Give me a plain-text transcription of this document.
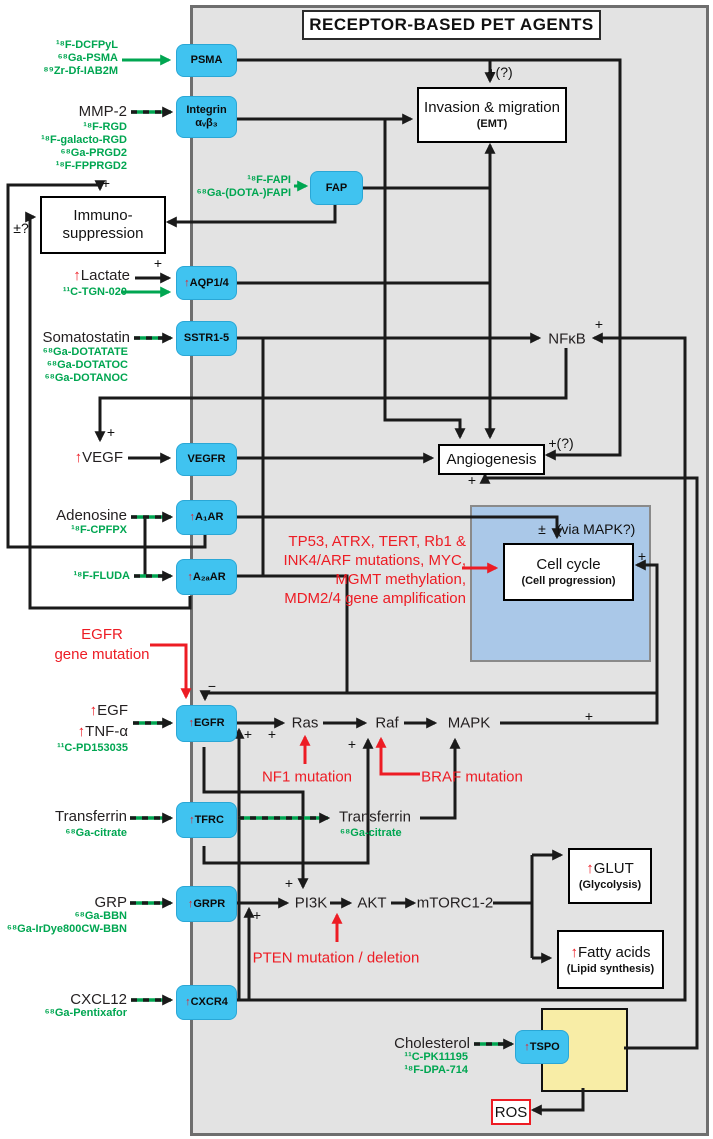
RECEPTOR-BASED PET AGENTS
PSMA
Integrin
αᵥβ₃
FAP
↑AQP1/4
SSTR1-5
VEGFR
↑A₁AR
↑A₂ₐAR
↑EGFR
↑TFRC
↑GRPR
↑CXCR4
↑TSPO
Invasion & migration
(EMT)
Immuno-
suppression
Angiogenesis
Cell cycle
(Cell progression)
↑GLUT
(Glycolysis)
↑Fatty acids
(Lipid synthesis)
ROS
MMP-2
↑Lactate
Somatostatin
↑VEGF
Adenosine
↑EGF
↑TNF-α
Transferrin
GRP
CXCL12
Cholesterol
¹⁸F-DCFPyL
⁶⁸Ga-PSMA
⁸⁹Zr-Df-IAB2M
¹⁸F-RGD
¹⁸F-galacto-RGD
⁶⁸Ga-PRGD2
¹⁸F-FPPRGD2
¹⁸F-FAPI
⁶⁸Ga-(DOTA-)FAPI
¹¹C-TGN-020
⁶⁸Ga-DOTATATE
⁶⁸Ga-DOTATOC
⁶⁸Ga-DOTANOC
¹⁸F-CPFPX
¹⁸F-FLUDA
¹¹C-PD153035
⁶⁸Ga-citrate
⁶⁸Ga-BBN
⁶⁸Ga-IrDye800CW-BBN
⁶⁸Ga-Pentixafor
¹¹C-PK11195
¹⁸F-DPA-714
⁶⁸Ga-citrate
NFκB
Ras	Raf	MAPK
Transferrin
PI3K AKT mTORC1-2
TP53, ATRX, TERT, Rb1 &
INK4/ARF mutations, MYC,
MGMT methylation,
MDM2/4 gene amplification
EGFR
gene mutation
NF1 mutation	BRAF mutation
PTEN mutation / deletion
+(?)
+
±?
+
+
+
+(?)
+
± (via MAPK?)
+
−
+ +
+
+
+
+
